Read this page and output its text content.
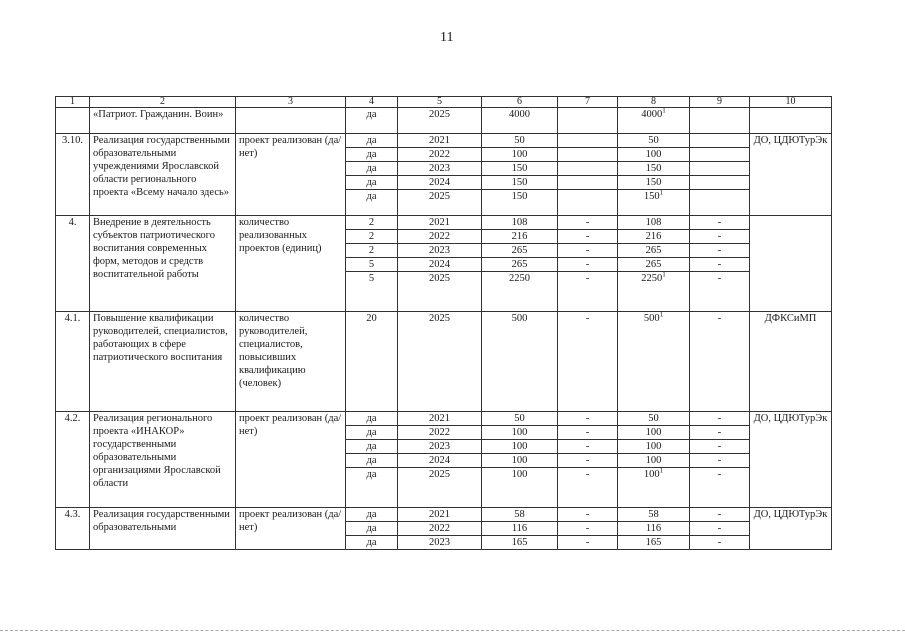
11
1	2	3	4	5	6	7	8	9	10
	«Патриот. Гражданин. Воин»		да	2025	4000		4000$^1$		
3.10.	Реализация государственными образовательными учреждениями Ярославской области регионального проекта «Всему начало здесь»	проект реализован (да/нет)	да	2021	50		50		ДО, ЦДЮТурЭк
			да	2022	100		100		
			да	2023	150		150		
			да	2024	150		150		
			да	2025	150		$150^1$	
4.	Внедрение в деятельность субъектов патриотического воспитания современных форм, методов и средств воспитательной работы	количество реализованных проектов (единиц)	2	2021	108	-	108	-	
			2	2022	216	-	216	-	
			2	2023	265	-	265	-	
			5	2024	265	-	265	-	
			5	2025	2250	-	2250$^1$	-	
4.1.	Повышение квалификации руководителей, специалистов, работающих в сфере патриотического воспитания	количество руководителей, специалистов, повысивших квалификацию (человек)	20	2025	500	-	$500^1$	-	ДФКСиМП
4.2.	Реализация регионального проекта «ИНАКОР» государственными образовательными организациями Ярославской области	проект реализован (да/нет)	да	2021	50	-	50	-	ДО, ЦДЮТурЭк
			да	2022	100	-	100	-	
			да	2023	100	-	100	-	
			да	2024	100	-	100	-	
			да	2025	100	-	$100^1$	-	
4.3.	Реализация государственными образовательными	проект реализован (да/нет)	да	2021	58	-	58	-	ДО, ЦДЮТурЭк
			да	2022	116	-	116	-	
			да	2023	165	-	165	-	
